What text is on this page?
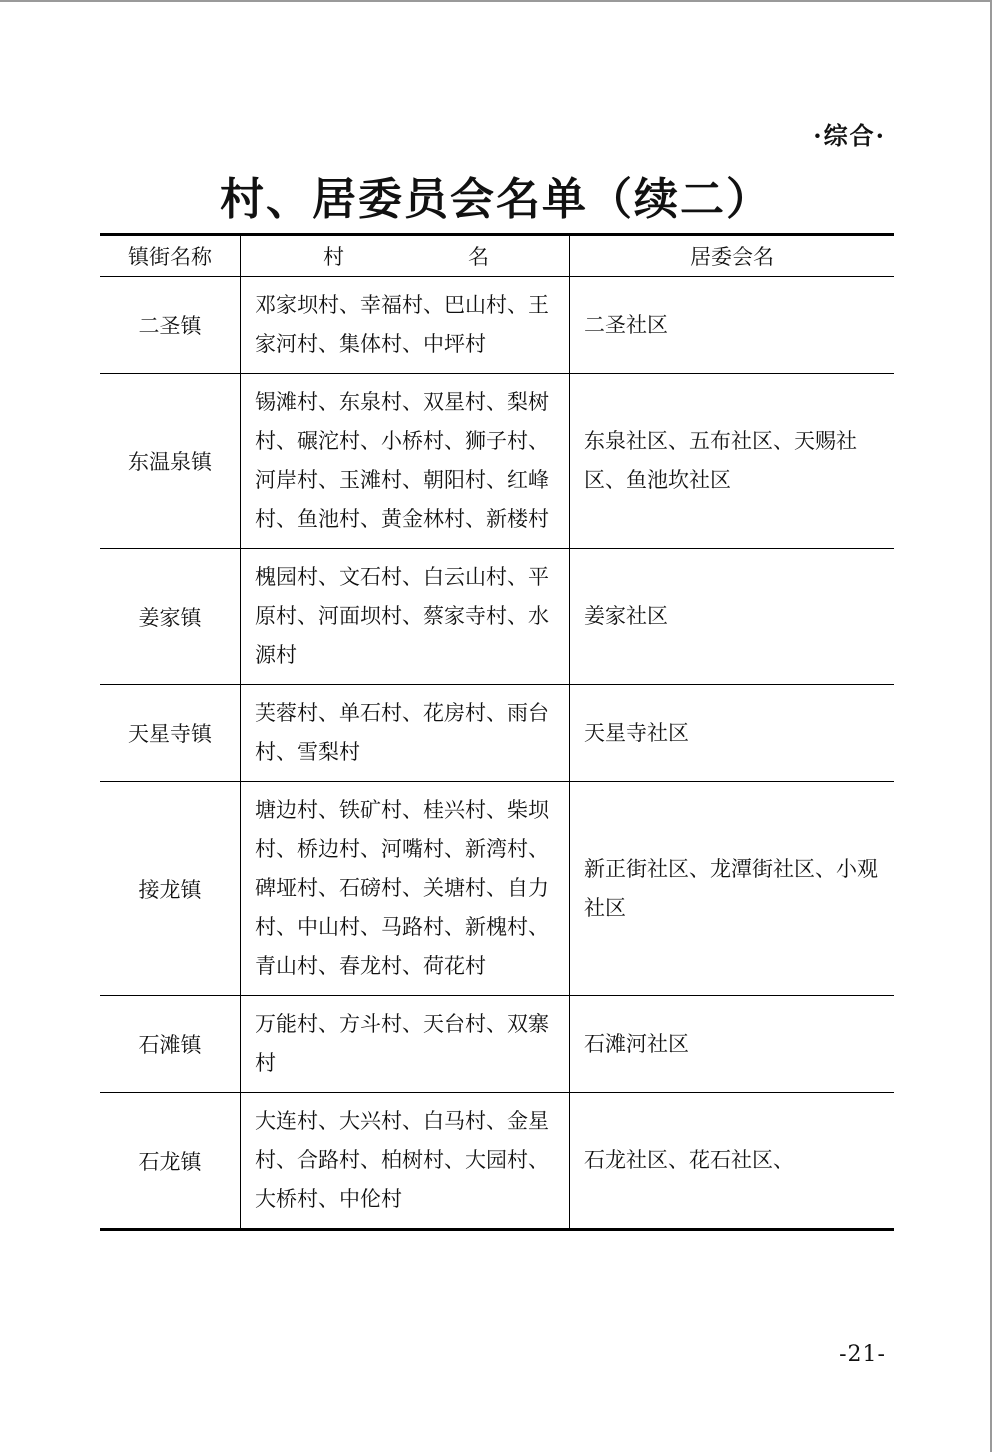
·综合·
村、居委员会名单（续二）
镇街名称	村 名	居委会名
二圣镇	邓家坝村、幸福村、巴山村、王家河村、集体村、中坪村	二圣社区
东温泉镇	锡滩村、东泉村、双星村、梨树村、碾沱村、小桥村、狮子村、河岸村、玉滩村、朝阳村、红峰村、鱼池村、黄金林村、新楼村	东泉社区、五布社区、天赐社区、鱼池坎社区
姜家镇	槐园村、文石村、白云山村、平原村、河面坝村、蔡家寺村、水源村	姜家社区
天星寺镇	芙蓉村、单石村、花房村、雨台村、雪梨村	天星寺社区
接龙镇	塘边村、铁矿村、桂兴村、柴坝村、桥边村、河嘴村、新湾村、碑垭村、石磅村、关塘村、自力村、中山村、马路村、新槐村、青山村、春龙村、荷花村	新正街社区、龙潭街社区、小观社区
石滩镇	万能村、方斗村、天台村、双寨村	石滩河社区
石龙镇	大连村、大兴村、白马村、金星村、合路村、柏树村、大园村、大桥村、中伦村	石龙社区、花石社区、
-21-
